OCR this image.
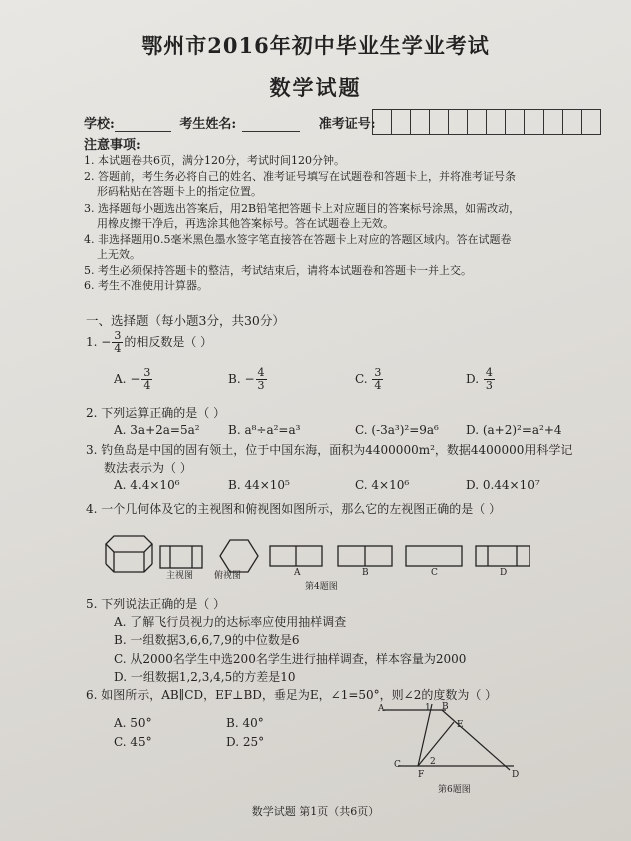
鄂州市2016年初中毕业生学业考试
数学试题
学校:	考生姓名:	准考证号:
注意事项:
1. 本试题卷共6页，满分120分，考试时间120分钟。
2. 答题前，考生务必将自己的姓名、准考证号填写在试题卷和答题卡上，并将准考证号条
形码粘贴在答题卡上的指定位置。
3. 选择题每小题选出答案后，用2B铅笔把答题卡上对应题目的答案标号涂黑，如需改动，
用橡皮擦干净后，再选涂其他答案标号。答在试题卷上无效。
4. 非选择题用0.5毫米黑色墨水签字笔直接答在答题卡上对应的答题区域内。答在试题卷
上无效。
5. 考生必须保持答题卡的整洁，考试结束后，请将本试题卷和答题卡一并上交。
6. 考生不准使用计算器。
一、选择题（每小题3分，共30分）
1. − $\frac{3}{4}$ 的相反数是（ ）
A. − $\frac{3}{4}$	B. − $\frac{4}{3}$	C. $\frac{3}{4}$	D. $\frac{4}{3}$
2. 下列运算正确的是（ ）
A. 3a+2a=5a² B. a⁸÷a²=a³	C. (-3a³)²=9a⁶ D. (a+2)²=a²+4
3. 钓鱼岛是中国的固有领土，位于中国东海，面积为4400000m²，数据4400000用科学记
数法表示为（ ）
A. 4.4×10⁶	B. 44×10⁵	C. 4×10⁶	D. 0.44×10⁷
4. 一个几何体及它的主视图和俯视图如图所示，那么它的左视图正确的是（ ）
主视图 俯视图	A	B	C	D
第4题图
5. 下列说法正确的是（ ）
A. 了解飞行员视力的达标率应使用抽样调查
B. 一组数据3,6,6,7,9的中位数是6
C. 从2000名学生中选200名学生进行抽样调查，样本容量为2000
D. 一组数据1,2,3,4,5的方差是10
6. 如图所示，AB∥CD，EF⊥BD，垂足为E，∠1=50°，则∠2的度数为（ ）
A. 50°	B. 40°
C. 45°	D. 25°
A	B
C
D
E
F
1
2
第6题图
数学试题 第1页（共6页）
